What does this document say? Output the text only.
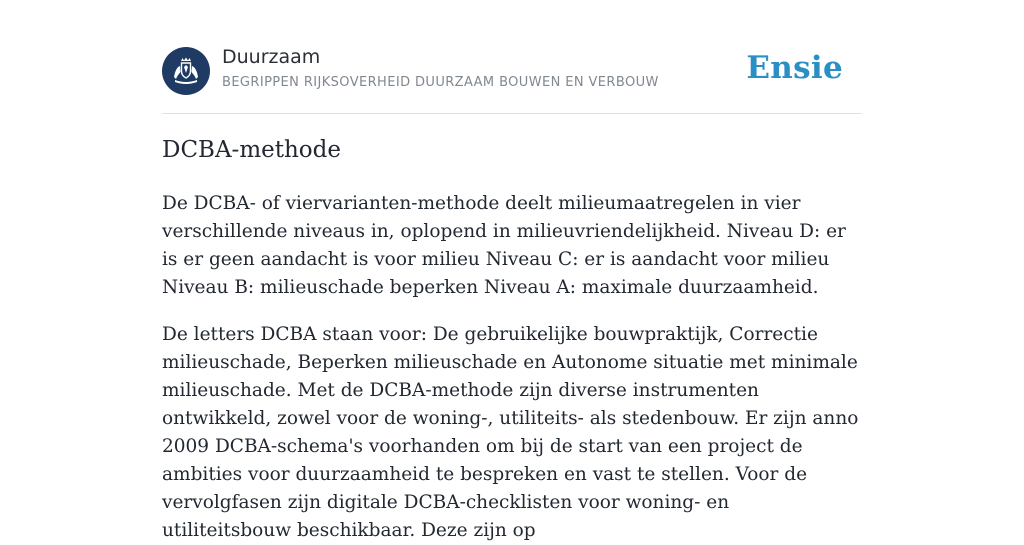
Duurzaam
BEGRIPPEN RIJKSOVERHEID DUURZAAM BOUWEN EN VERBOUW	Ensie
DCBA-methode

De DCBA- of viervarianten-methode deelt milieumaatregelen in vier verschillende niveaus in, oplopend in milieuvriendelijkheid. Niveau D: er is er geen aandacht is voor milieu Niveau C: er is aandacht voor milieu Niveau B: milieuschade beperken Niveau A: maximale duurzaamheid.

De letters DCBA staan voor: De gebruikelijke bouwpraktijk, Correctie milieuschade, Beperken milieuschade en Autonome situatie met minimale milieuschade. Met de DCBA-methode zijn diverse instrumenten ontwikkeld, zowel voor de woning-, utiliteits- als stedenbouw. Er zijn anno 2009 DCBA-schema's voorhanden om bij de start van een project de ambities voor duurzaamheid te bespreken en vast te stellen. Voor de vervolgfasen zijn digitale DCBA-checklisten voor woning- en utiliteitsbouw beschikbaar. Deze zijn op
